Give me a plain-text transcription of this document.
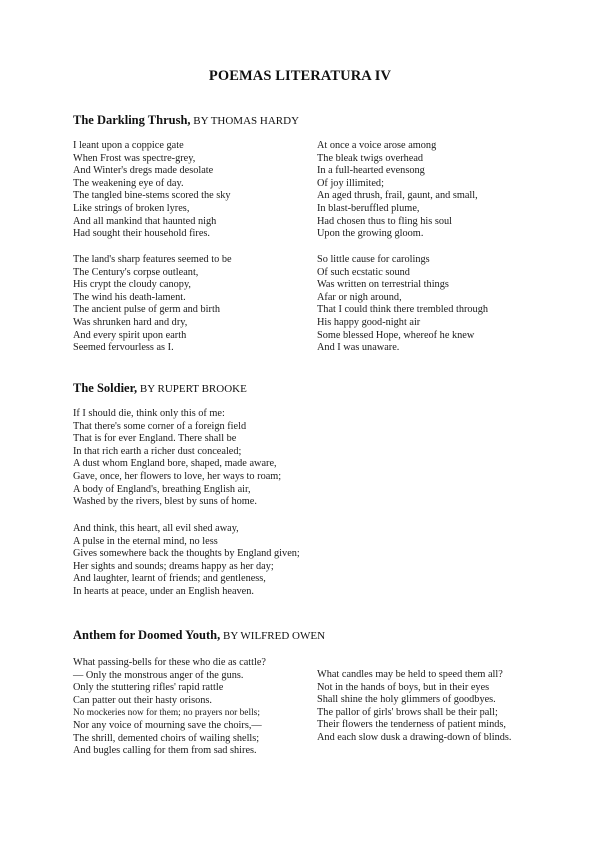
POEMAS LITERATURA IV
The Darkling Thrush, BY THOMAS HARDY
I leant upon a coppice gate
When Frost was spectre-grey,
And Winter's dregs made desolate
The weakening eye of day.
The tangled bine-stems scored the sky
Like strings of broken lyres,
And all mankind that haunted nigh
Had sought their household fires.
The land's sharp features seemed to be
The Century's corpse outleant,
His crypt the cloudy canopy,
The wind his death-lament.
The ancient pulse of germ and birth
Was shrunken hard and dry,
And every spirit upon earth
Seemed fervourless as I.
At once a voice arose among
The bleak twigs overhead
In a full-hearted evensong
Of joy illimited;
An aged thrush, frail, gaunt, and small,
In blast-beruffled plume,
Had chosen thus to fling his soul
Upon the growing gloom.
So little cause for carolings
Of such ecstatic sound
Was written on terrestrial things
Afar or nigh around,
That I could think there trembled through
His happy good-night air
Some blessed Hope, whereof he knew
And I was unaware.
The Soldier, BY RUPERT BROOKE
If I should die, think only this of me:
That there's some corner of a foreign field
That is for ever England. There shall be
In that rich earth a richer dust concealed;
A dust whom England bore, shaped, made aware,
Gave, once, her flowers to love, her ways to roam;
A body of England's, breathing English air,
Washed by the rivers, blest by suns of home.
And think, this heart, all evil shed away,
A pulse in the eternal mind, no less
Gives somewhere back the thoughts by England given;
Her sights and sounds; dreams happy as her day;
And laughter, learnt of friends; and gentleness,
In hearts at peace, under an English heaven.
Anthem for Doomed Youth, BY WILFRED OWEN
What passing-bells for these who die as cattle?
— Only the monstrous anger of the guns.
Only the stuttering rifles' rapid rattle
Can patter out their hasty orisons.
No mockeries now for them; no prayers nor bells;
Nor any voice of mourning save the choirs,—
The shrill, demented choirs of wailing shells;
And bugles calling for them from sad shires.
What candles may be held to speed them all?
Not in the hands of boys, but in their eyes
Shall shine the holy glimmers of goodbyes.
The pallor of girls' brows shall be their pall;
Their flowers the tenderness of patient minds,
And each slow dusk a drawing-down of blinds.
